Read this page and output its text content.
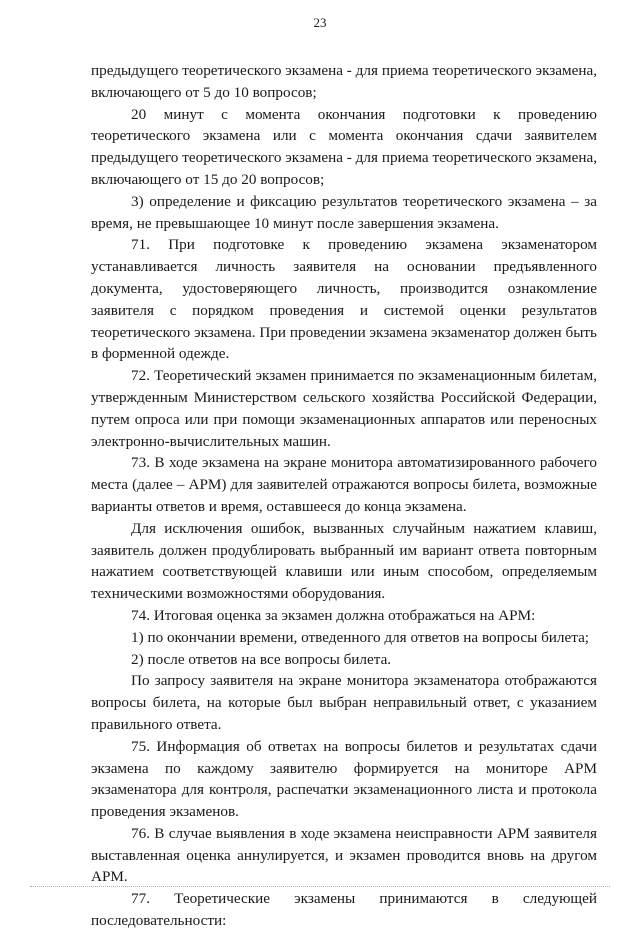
23

предыдущего теоретического экзамена - для приема теоретического экзамена, включающего от 5 до 10 вопросов;

20 минут с момента окончания подготовки к проведению теоретического экзамена или с момента окончания сдачи заявителем предыдущего теоретического экзамена - для приема теоретического экзамена, включающего от 15 до 20 вопросов;

3) определение и фиксацию результатов теоретического экзамена – за время, не превышающее 10 минут после завершения экзамена.

71. При подготовке к проведению экзамена экзаменатором устанавливается личность заявителя на основании предъявленного документа, удостоверяющего личность, производится ознакомление заявителя с порядком проведения и системой оценки результатов теоретического экзамена. При проведении экзамена экзаменатор должен быть в форменной одежде.

72. Теоретический экзамен принимается по экзаменационным билетам, утвержденным Министерством сельского хозяйства Российской Федерации, путем опроса или при помощи экзаменационных аппаратов или переносных электронно-вычислительных машин.

73. В ходе экзамена на экране монитора автоматизированного рабочего места (далее – АРМ) для заявителей отражаются вопросы билета, возможные варианты ответов и время, оставшееся до конца экзамена.

Для исключения ошибок, вызванных случайным нажатием клавиш, заявитель должен продублировать выбранный им вариант ответа повторным нажатием соответствующей клавиши или иным способом, определяемым техническими возможностями оборудования.

74. Итоговая оценка за экзамен должна отображаться на АРМ:

1) по окончании времени, отведенного для ответов на вопросы билета;

2) после ответов на все вопросы билета.

По запросу заявителя на экране монитора экзаменатора отображаются вопросы билета, на которые был выбран неправильный ответ, с указанием правильного ответа.

75. Информация об ответах на вопросы билетов и результатах сдачи экзамена по каждому заявителю формируется на мониторе АРМ экзаменатора для контроля, распечатки экзаменационного листа и протокола проведения экзаменов.

76. В случае выявления в ходе экзамена неисправности АРМ заявителя выставленная оценка аннулируется, и экзамен проводится вновь на другом АРМ.

77. Теоретические экзамены принимаются в следующей последовательности:
